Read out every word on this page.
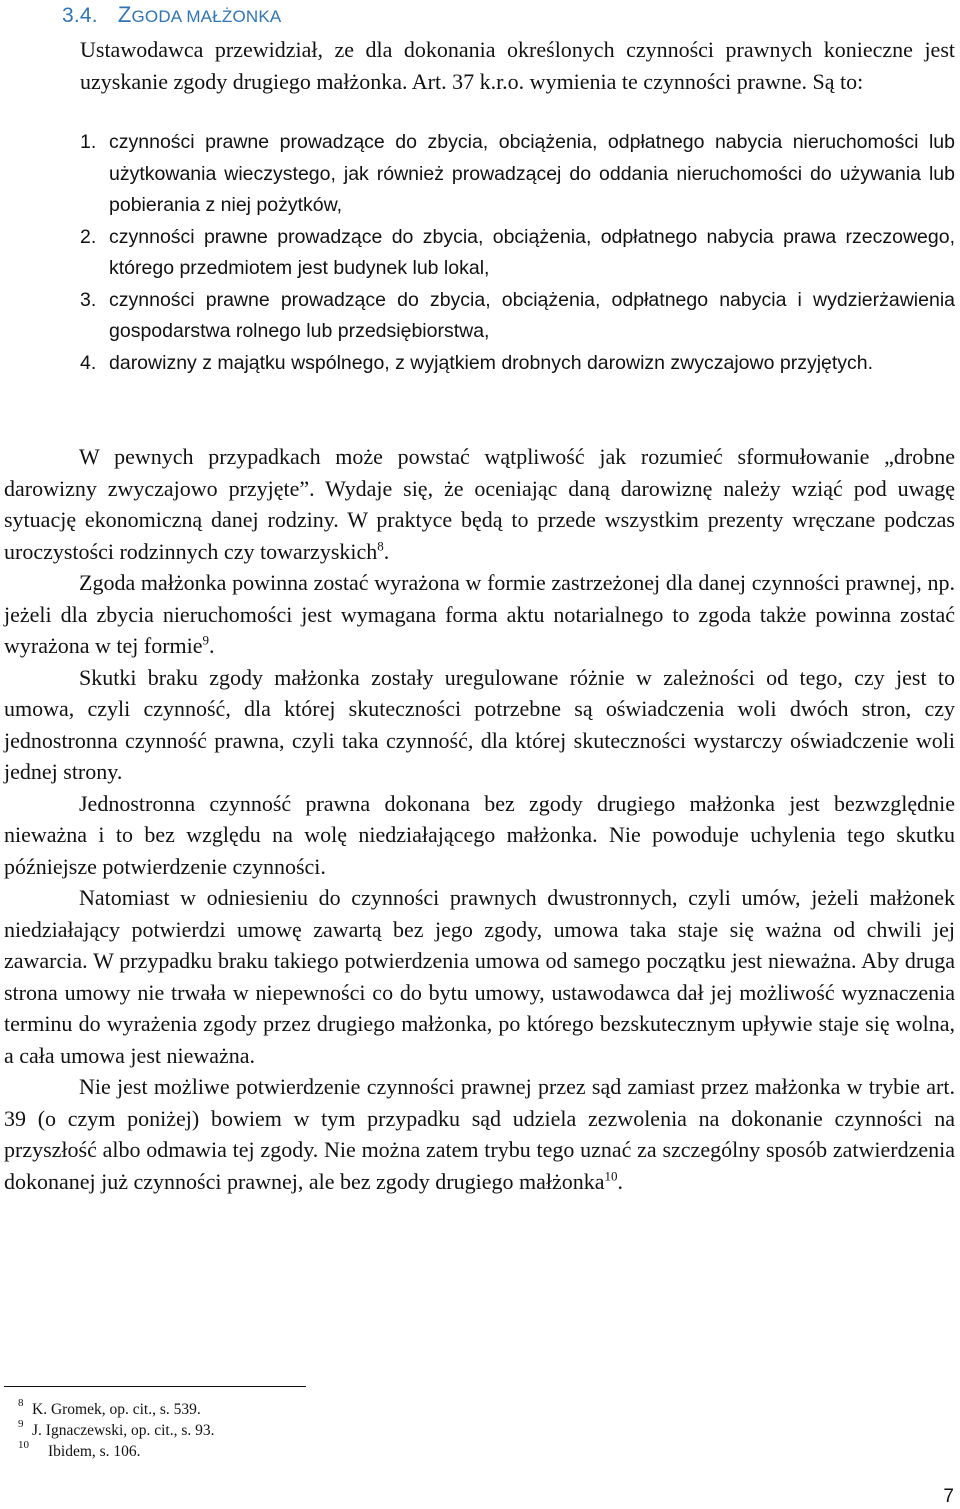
3.4. ZGODA MAŁŻONKA

Ustawodawca przewidział, ze dla dokonania określonych czynności prawnych konieczne jest uzyskanie zgody drugiego małżonka. Art. 37 k.r.o. wymienia te czynności prawne. Są to:

1. czynności prawne prowadzące do zbycia, obciążenia, odpłatnego nabycia nieruchomości lub użytkowania wieczystego, jak również prowadzącej do oddania nieruchomości do używania lub pobierania z niej pożytków,
2. czynności prawne prowadzące do zbycia, obciążenia, odpłatnego nabycia prawa rzeczowego, którego przedmiotem jest budynek lub lokal,
3. czynności prawne prowadzące do zbycia, obciążenia, odpłatnego nabycia i wydzierżawienia gospodarstwa rolnego lub przedsiębiorstwa,
4. darowizny z majątku wspólnego, z wyjątkiem drobnych darowizn zwyczajowo przyjętych.

W pewnych przypadkach może powstać wątpliwość jak rozumieć sformułowanie „drobne darowizny zwyczajowo przyjęte”. Wydaje się, że oceniając daną darowiznę należy wziąć pod uwagę sytuację ekonomiczną danej rodziny. W praktyce będą to przede wszystkim prezenty wręczane podczas uroczystości rodzinnych czy towarzyskich$^8$.

Zgoda małżonka powinna zostać wyrażona w formie zastrzeżonej dla danej czynności prawnej, np. jeżeli dla zbycia nieruchomości jest wymagana forma aktu notarialnego to zgoda także powinna zostać wyrażona w tej formie$^9$.

Skutki braku zgody małżonka zostały uregulowane różnie w zależności od tego, czy jest to umowa, czyli czynność, dla której skuteczności potrzebne są oświadczenia woli dwóch stron, czy jednostronna czynność prawna, czyli taka czynność, dla której skuteczności wystarczy oświadczenie woli jednej strony.

Jednostronna czynność prawna dokonana bez zgody drugiego małżonka jest bezwzględnie nieważna i to bez względu na wolę niedziałającego małżonka. Nie powoduje uchylenia tego skutku późniejsze potwierdzenie czynności.

Natomiast w odniesieniu do czynności prawnych dwustronnych, czyli umów, jeżeli małżonek niedziałający potwierdzi umowę zawartą bez jego zgody, umowa taka staje się ważna od chwili jej zawarcia. W przypadku braku takiego potwierdzenia umowa od samego początku jest nieważna. Aby druga strona umowy nie trwała w niepewności co do bytu umowy, ustawodawca dał jej możliwość wyznaczenia terminu do wyrażenia zgody przez drugiego małżonka, po którego bezskutecznym upływie staje się wolna, a cała umowa jest nieważna.

Nie jest możliwe potwierdzenie czynności prawnej przez sąd zamiast przez małżonka w trybie art. 39 (o czym poniżej) bowiem w tym przypadku sąd udziela zezwolenia na dokonanie czynności na przyszłość albo odmawia tej zgody. Nie można zatem trybu tego uznać za szczególny sposób zatwierdzenia dokonanej już czynności prawnej, ale bez zgody drugiego małżonka$^{10}$.

8 K. Gromek, op. cit., s. 539.
9 J. Ignaczewski, op. cit., s. 93.
10 Ibidem, s. 106.
7
